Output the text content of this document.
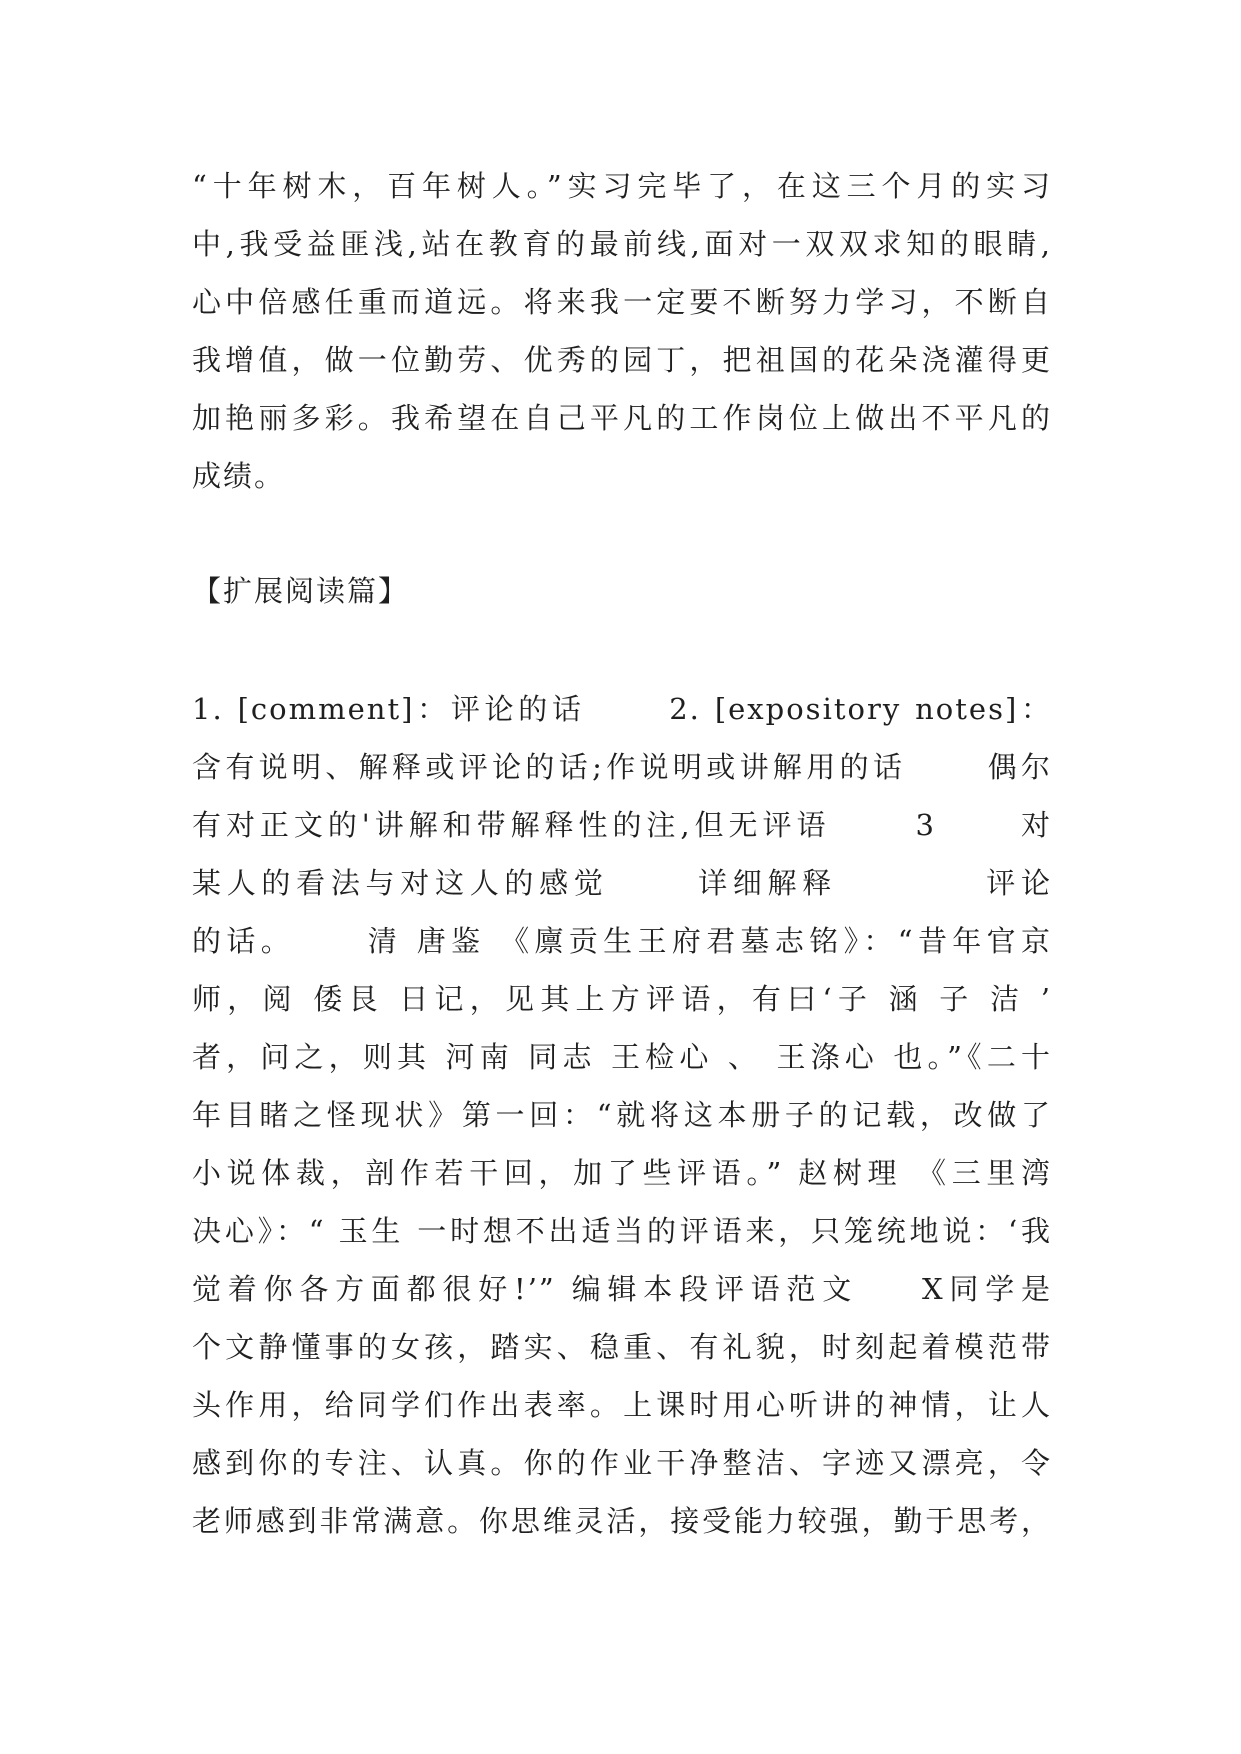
“十年树木，百年树人。”实习完毕了，在这三个月的实习
中,我受益匪浅,站在教育的最前线,面对一双双求知的眼睛,
心中倍感任重而道远。将来我一定要不断努力学习，不断自
我增值，做一位勤劳、优秀的园丁，把祖国的花朵浇灌得更
加艳丽多彩。我希望在自己平凡的工作岗位上做出不平凡的
成绩。
【扩展阅读篇】
1. [comment]：评论的话      2. [expository notes]：
含有说明、解释或评论的话;作说明或讲解用的话      偶尔
有对正文的'讲解和带解释性的注,但无评语      3      对
某人的看法与对这人的感觉      详细解释          评论
的话。     清 唐鉴 《廪贡生王府君墓志铭》：“昔年官京
师，阅 倭艮 日记，见其上方评语，有曰‘子 涵 子 洁 ’
者，问之，则其 河南 同志 王检心 、 王涤心 也。”《二十
年目睹之怪现状》第一回：“就将这本册子的记载，改做了
小说体裁，剖作若干回，加了些评语。” 赵树理 《三里湾
决心》：“ 玉生 一时想不出适当的评语来，只笼统地说：‘我
觉着你各方面都很好!’” 编辑本段评语范文    X同学是
个文静懂事的女孩，踏实、稳重、有礼貌，时刻起着模范带
头作用，给同学们作出表率。上课时用心听讲的神情，让人
感到你的专注、认真。你的作业干净整洁、字迹又漂亮，令
老师感到非常满意。你思维灵活，接受能力较强，勤于思考，
